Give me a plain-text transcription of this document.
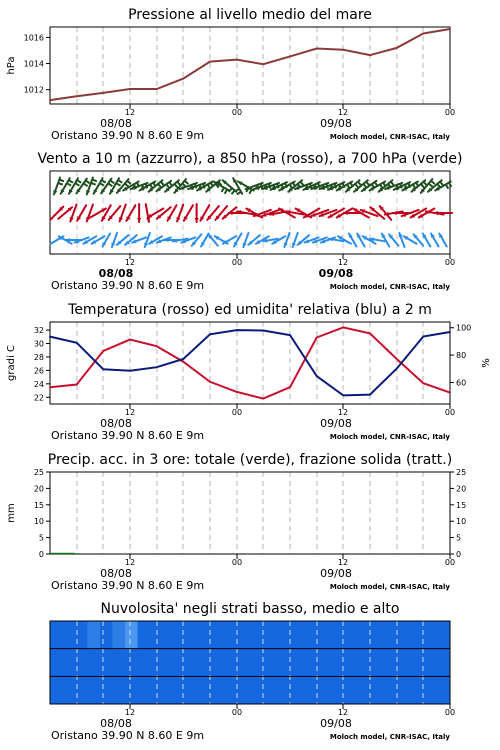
Pressione al livello medio del mare
12	00	12	00
08/08	09/08
Oristano 39.90 N 8.60 E 9m	Moloch model, CNR-ISAC, Italy
1012
1014
1016
hPa
Vento a 10 m (azzurro), a 850 hPa (rosso), a 700 hPa (verde)
12	00	12	00
08/08	09/08
Oristano 39.90 N 8.60 E 9m	Moloch model, CNR-ISAC, Italy
Temperatura (rosso) ed umidita' relativa (blu) a 2 m
12	00	12	00
08/08	09/08
Oristano 39.90 N 8.60 E 9m	Moloch model, CNR-ISAC, Italy
22
24
26
28
30
32
60
80
100
gradi C	%
Precip. acc. in 3 ore: totale (verde), frazione solida (tratt.)
12	00	12	00
08/08	09/08
Oristano 39.90 N 8.60 E 9m	Moloch model, CNR-ISAC, Italy
0	0
5	5
10	10
15	15
20	20
25	25
mm
Nuvolosita' negli strati basso, medio e alto
12	00	12	00
08/08	09/08
Oristano 39.90 N 8.60 E 9m	Moloch model, CNR-ISAC, Italy
